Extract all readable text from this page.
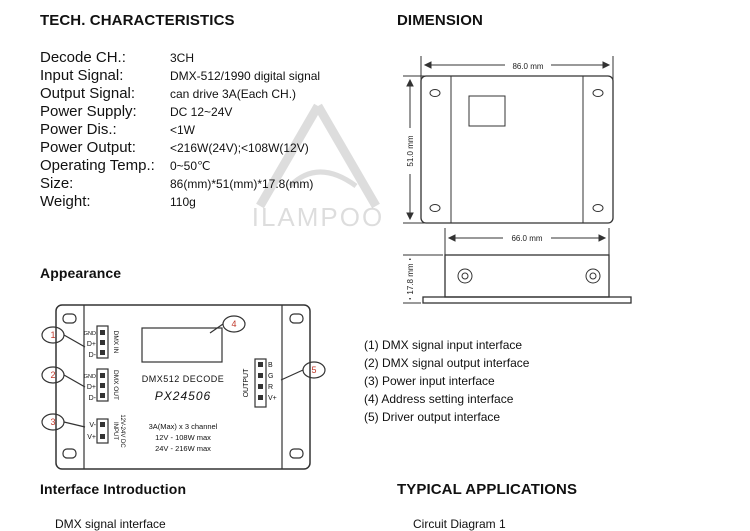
TECH. CHARACTERISTICS	DIMENSION
Appearance
Interface Introduction	TYPICAL APPLICATIONS
ILAMPOO
Decode CH.:	3CH
Input Signal:	DMX-512/1990 digital signal
Output Signal:	can drive 3A(Each CH.)
Power Supply:	DC 12~24V
Power Dis.:	<1W
Power Output:	<216W(24V);<108W(12V)
Operating Temp.: 0~50℃
Size:	86(mm)*51(mm)*17.8(mm)
Weight:	110g
86.0 mm
51.0 mm
66.0 mm
17.8 mm
1
2
3
4
5
GND
D+
D-
GND
D+
D-
V-
V+
B
G
R
V+
DMX IN
DMX OUT
12V-24V DC
INPUT
OUTPUT
DMX512 DECODE
PX24506
3A(Max) x 3 channel
12V - 108W max
24V - 216W max
(1) DMX signal input interface
(2) DMX signal output interface
(3) Power input interface
(4) Address setting interface
(5) Driver output interface
DMX signal interface	Circuit Diagram 1
